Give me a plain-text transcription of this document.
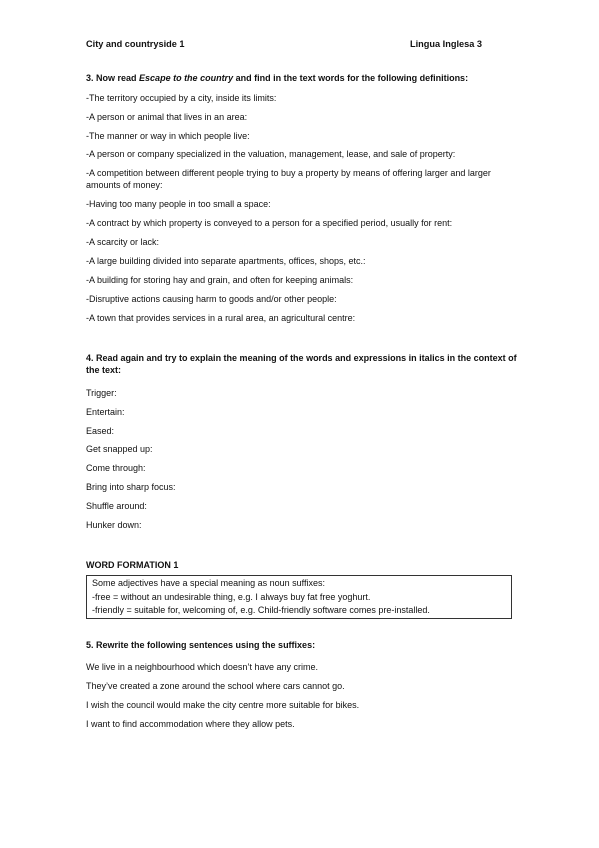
City and countryside 1	Lingua Inglesa 3
3. Now read Escape to the country and find in the text words for the following definitions:
-The territory occupied by a city, inside its limits:
-A person or animal that lives in an area:
-The manner or way in which people live:
-A person or company specialized in the valuation, management, lease, and sale of property:
-A competition between different people trying to buy a property by means of offering larger and larger amounts of money:
-Having too many people in too small a space:
-A contract by which property is conveyed to a person for a specified period, usually for rent:
-A scarcity or lack:
-A large building divided into separate apartments, offices, shops, etc.:
-A building for storing hay and grain, and often for keeping animals:
-Disruptive actions causing harm to goods and/or other people:
-A town that provides services in a rural area, an agricultural centre:
4. Read again and try to explain the meaning of the words and expressions in italics in the context of the text:
Trigger:
Entertain:
Eased:
Get snapped up:
Come through:
Bring into sharp focus:
Shuffle around:
Hunker down:
WORD FORMATION 1
Some adjectives have a special meaning as noun suffixes:
-free = without an undesirable thing, e.g. I always buy fat free yoghurt.
-friendly = suitable for, welcoming of, e.g. Child-friendly software comes pre-installed.
5. Rewrite the following sentences using the suffixes:
We live in a neighbourhood which doesn’t have any crime.
They’ve created a zone around the school where cars cannot go.
I wish the council would make the city centre more suitable for bikes.
I want to find accommodation where they allow pets.
